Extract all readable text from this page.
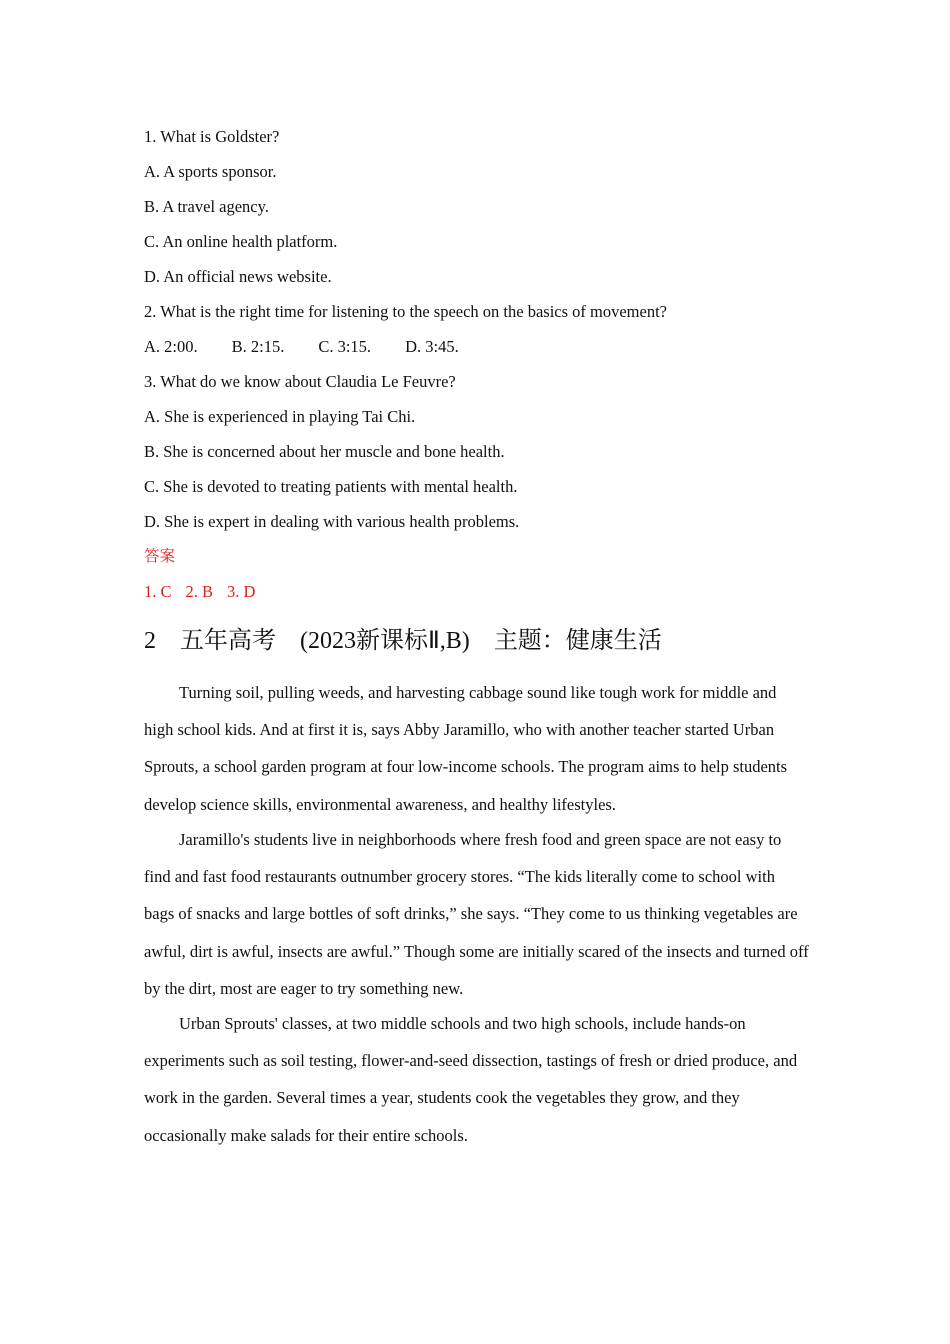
1. What is Goldster?
A. A sports sponsor.
B. A travel agency.
C. An online health platform.
D. An official news website.
2. What is the right time for listening to the speech on the basics of movement?
A. 2:00. B. 2:15. C. 3:15. D. 3:45.
3. What do we know about Claudia Le Feuvre?
A. She is experienced in playing Tai Chi.
B. She is concerned about her muscle and bone health.
C. She is devoted to treating patients with mental health.
D. She is expert in dealing with various health problems.
答案
1. C 2. B 3. D
2 五年高考 (2023新课标Ⅱ,B) 主题：健康生活

Turning soil, pulling weeds, and harvesting cabbage sound like tough work for middle and high school kids. And at first it is, says Abby Jaramillo, who with another teacher started Urban Sprouts, a school garden program at four low-income schools. The program aims to help students develop science skills, environmental awareness, and healthy lifestyles.

Jaramillo's students live in neighborhoods where fresh food and green space are not easy to find and fast food restaurants outnumber grocery stores. “The kids literally come to school with bags of snacks and large bottles of soft drinks,” she says. “They come to us thinking vegetables are awful, dirt is awful, insects are awful.” Though some are initially scared of the insects and turned off by the dirt, most are eager to try something new.

Urban Sprouts' classes, at two middle schools and two high schools, include hands-on experiments such as soil testing, flower-and-seed dissection, tastings of fresh or dried produce, and work in the garden. Several times a year, students cook the vegetables they grow, and they occasionally make salads for their entire schools.
